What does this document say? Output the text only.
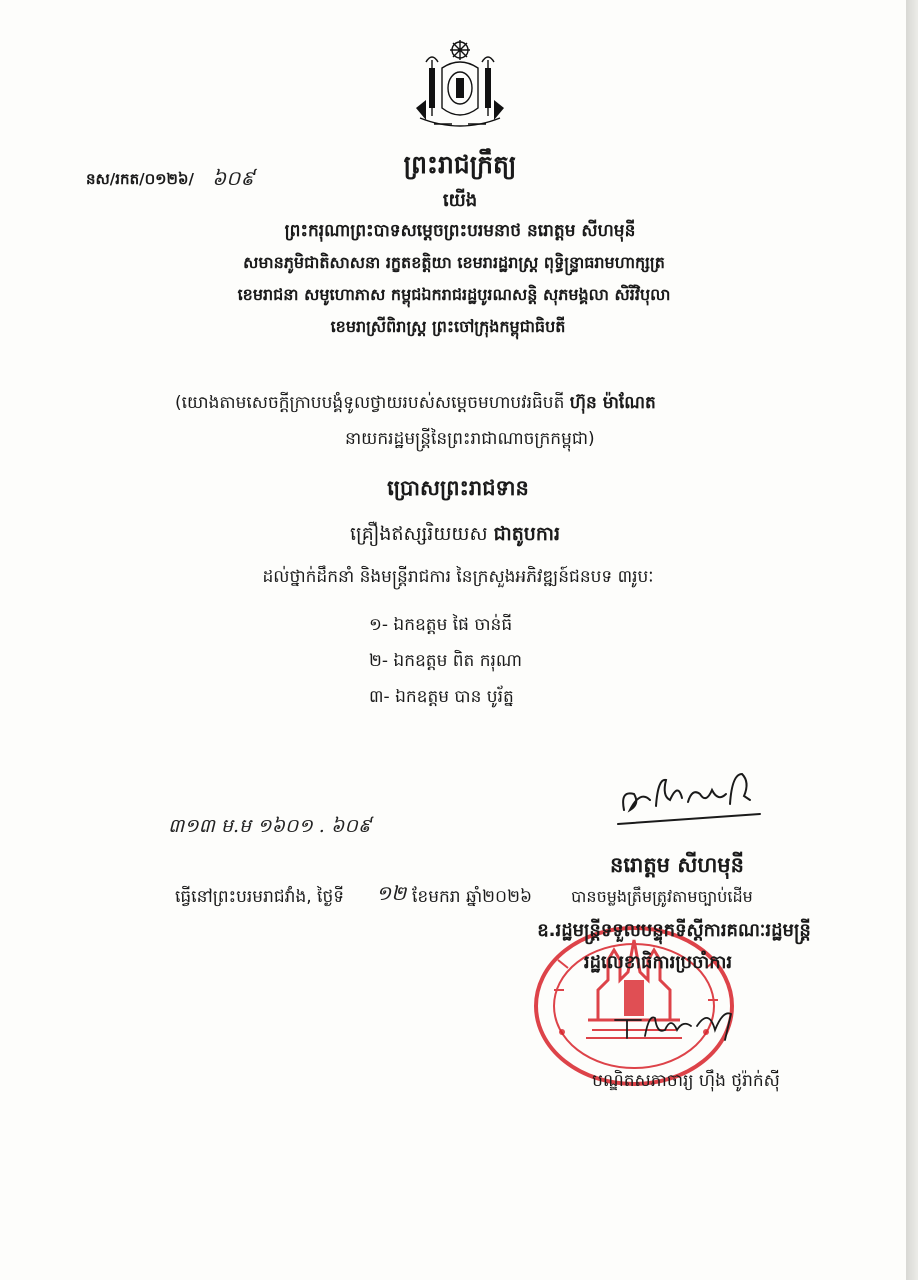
ព្រះរាជក្រឹត្យ
នស/រកត/០១២៦/ ៦០៩
យើង
ព្រះករុណាព្រះបាទសម្តេចព្រះបរមនាថ នរោត្តម សីហមុនី
សមានភូមិជាតិសាសនា រក្ខតខត្តិយា ខេមរារដ្ឋរាស្ត្រ ពុទ្ធិន្ទ្រាធរាមហាក្សត្រ
ខេមរាជនា សមូហោភាស កម្ពុជឯករាជរដ្ឋបូរណសន្តិ សុភមង្គលា សិរីវិបុលា
ខេមរាស្រីពិរាស្ត្រ ព្រះចៅក្រុងកម្ពុជាធិបតី
(យោងតាមសេចក្តីក្រាបបង្គំទូលថ្វាយរបស់សម្តេចមហាបវរធិបតី ហ៊ុន ម៉ាណែត
នាយករដ្ឋមន្ត្រីនៃព្រះរាជាណាចក្រកម្ពុជា)
ប្រោសព្រះរាជទាន
គ្រឿងឥស្សរិយយស ជាតូបការ
ដល់ថ្នាក់ដឹកនាំ និងមន្ត្រីរាជការ នៃក្រសួងអភិវឌ្ឍន៍ជនបទ ៣រូបៈ
១- ឯកឧត្តម ផៃ ចាន់ធី
២- ឯកឧត្តម ពិត ករុណា
៣- ឯកឧត្តម បាន បូរ័ត្ន
៣១៣ ម.ម ១៦០១ . ៦០៩
ធ្វើនៅព្រះបរមរាជវាំង, ថ្ងៃទី	ខែមករា ឆ្នាំ២០២៦
១២
នរោត្តម សីហមុនី
បានចម្លងត្រឹមត្រូវតាមច្បាប់ដើម
ឧ.រដ្ឋមន្ត្រីទទួលបន្ទុកទីស្តីការគណៈរដ្ឋមន្ត្រី
រដ្ឋលេខាធិការប្រចាំការ
បណ្ឌិតសភាចារ្យ ហ៊ឹង ថូរ៉ាក់ស៊ី
